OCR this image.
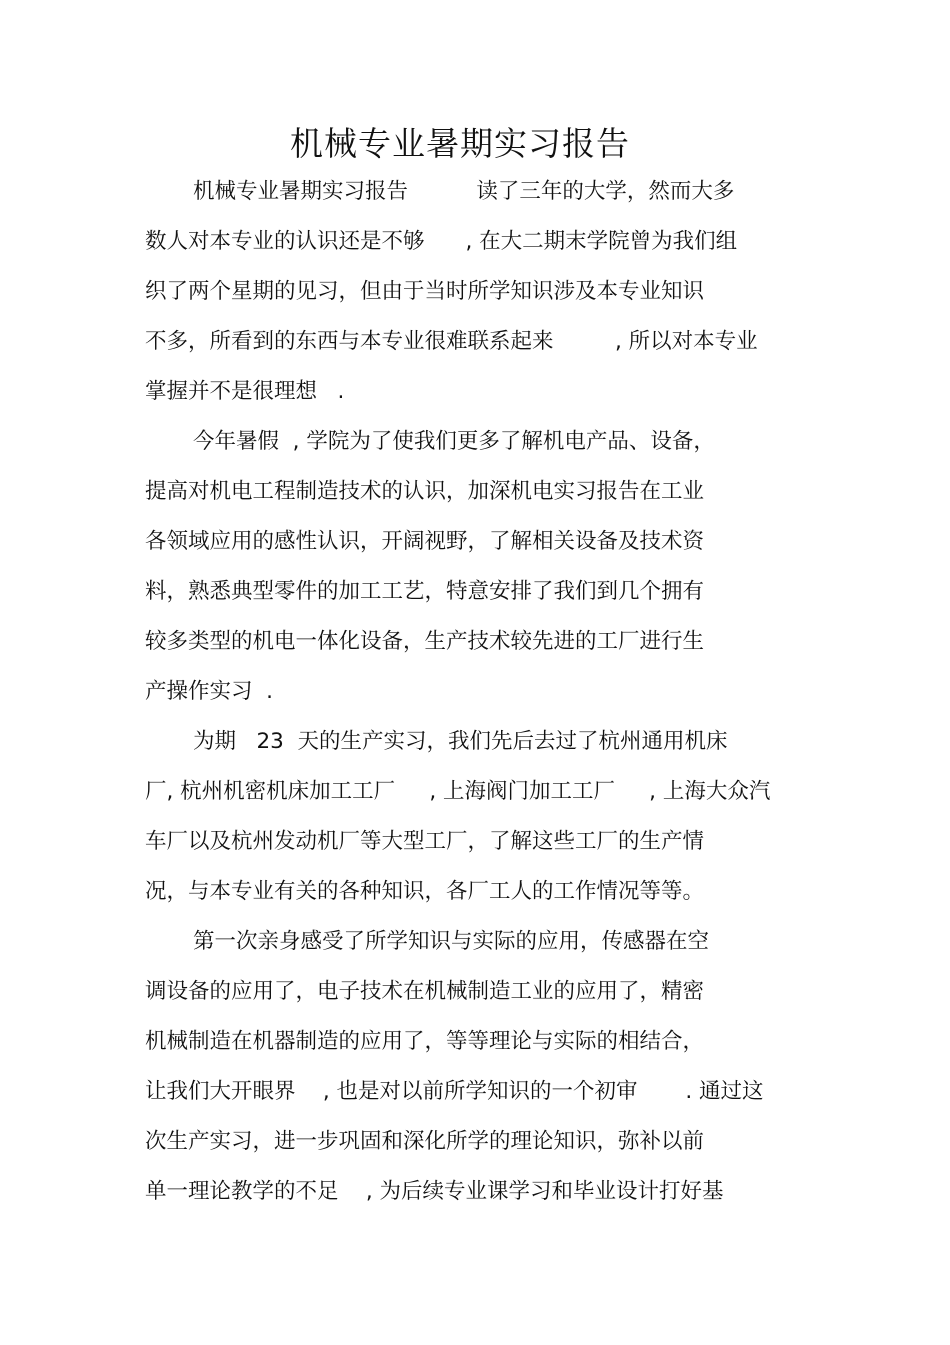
机械专业暑期实习报告

机械专业暑期实习报告          读了三年的大学，然而大多

数人对本专业的认识还是不够      , 在大二期末学院曾为我们组

织了两个星期的见习，但由于当时所学知识涉及本专业知识

不多，所看到的东西与本专业很难联系起来         , 所以对本专业

掌握并不是很理想   .

今年暑假  , 学院为了使我们更多了解机电产品、设备，

提高对机电工程制造技术的认识，加深机电实习报告在工业

各领域应用的感性认识，开阔视野，了解相关设备及技术资

料，熟悉典型零件的加工工艺，特意安排了我们到几个拥有

较多类型的机电一体化设备，生产技术较先进的工厂进行生

产操作实习  .

为期   23  天的生产实习，我们先后去过了杭州通用机床

厂, 杭州机密机床加工工厂     , 上海阀门加工工厂     , 上海大众汽

车厂以及杭州发动机厂等大型工厂，了解这些工厂的生产情

况，与本专业有关的各种知识，各厂工人的工作情况等等。

第一次亲身感受了所学知识与实际的应用，传感器在空

调设备的应用了，电子技术在机械制造工业的应用了，精密

机械制造在机器制造的应用了，等等理论与实际的相结合，

让我们大开眼界    , 也是对以前所学知识的一个初审       . 通过这

次生产实习，进一步巩固和深化所学的理论知识，弥补以前

单一理论教学的不足    , 为后续专业课学习和毕业设计打好基
